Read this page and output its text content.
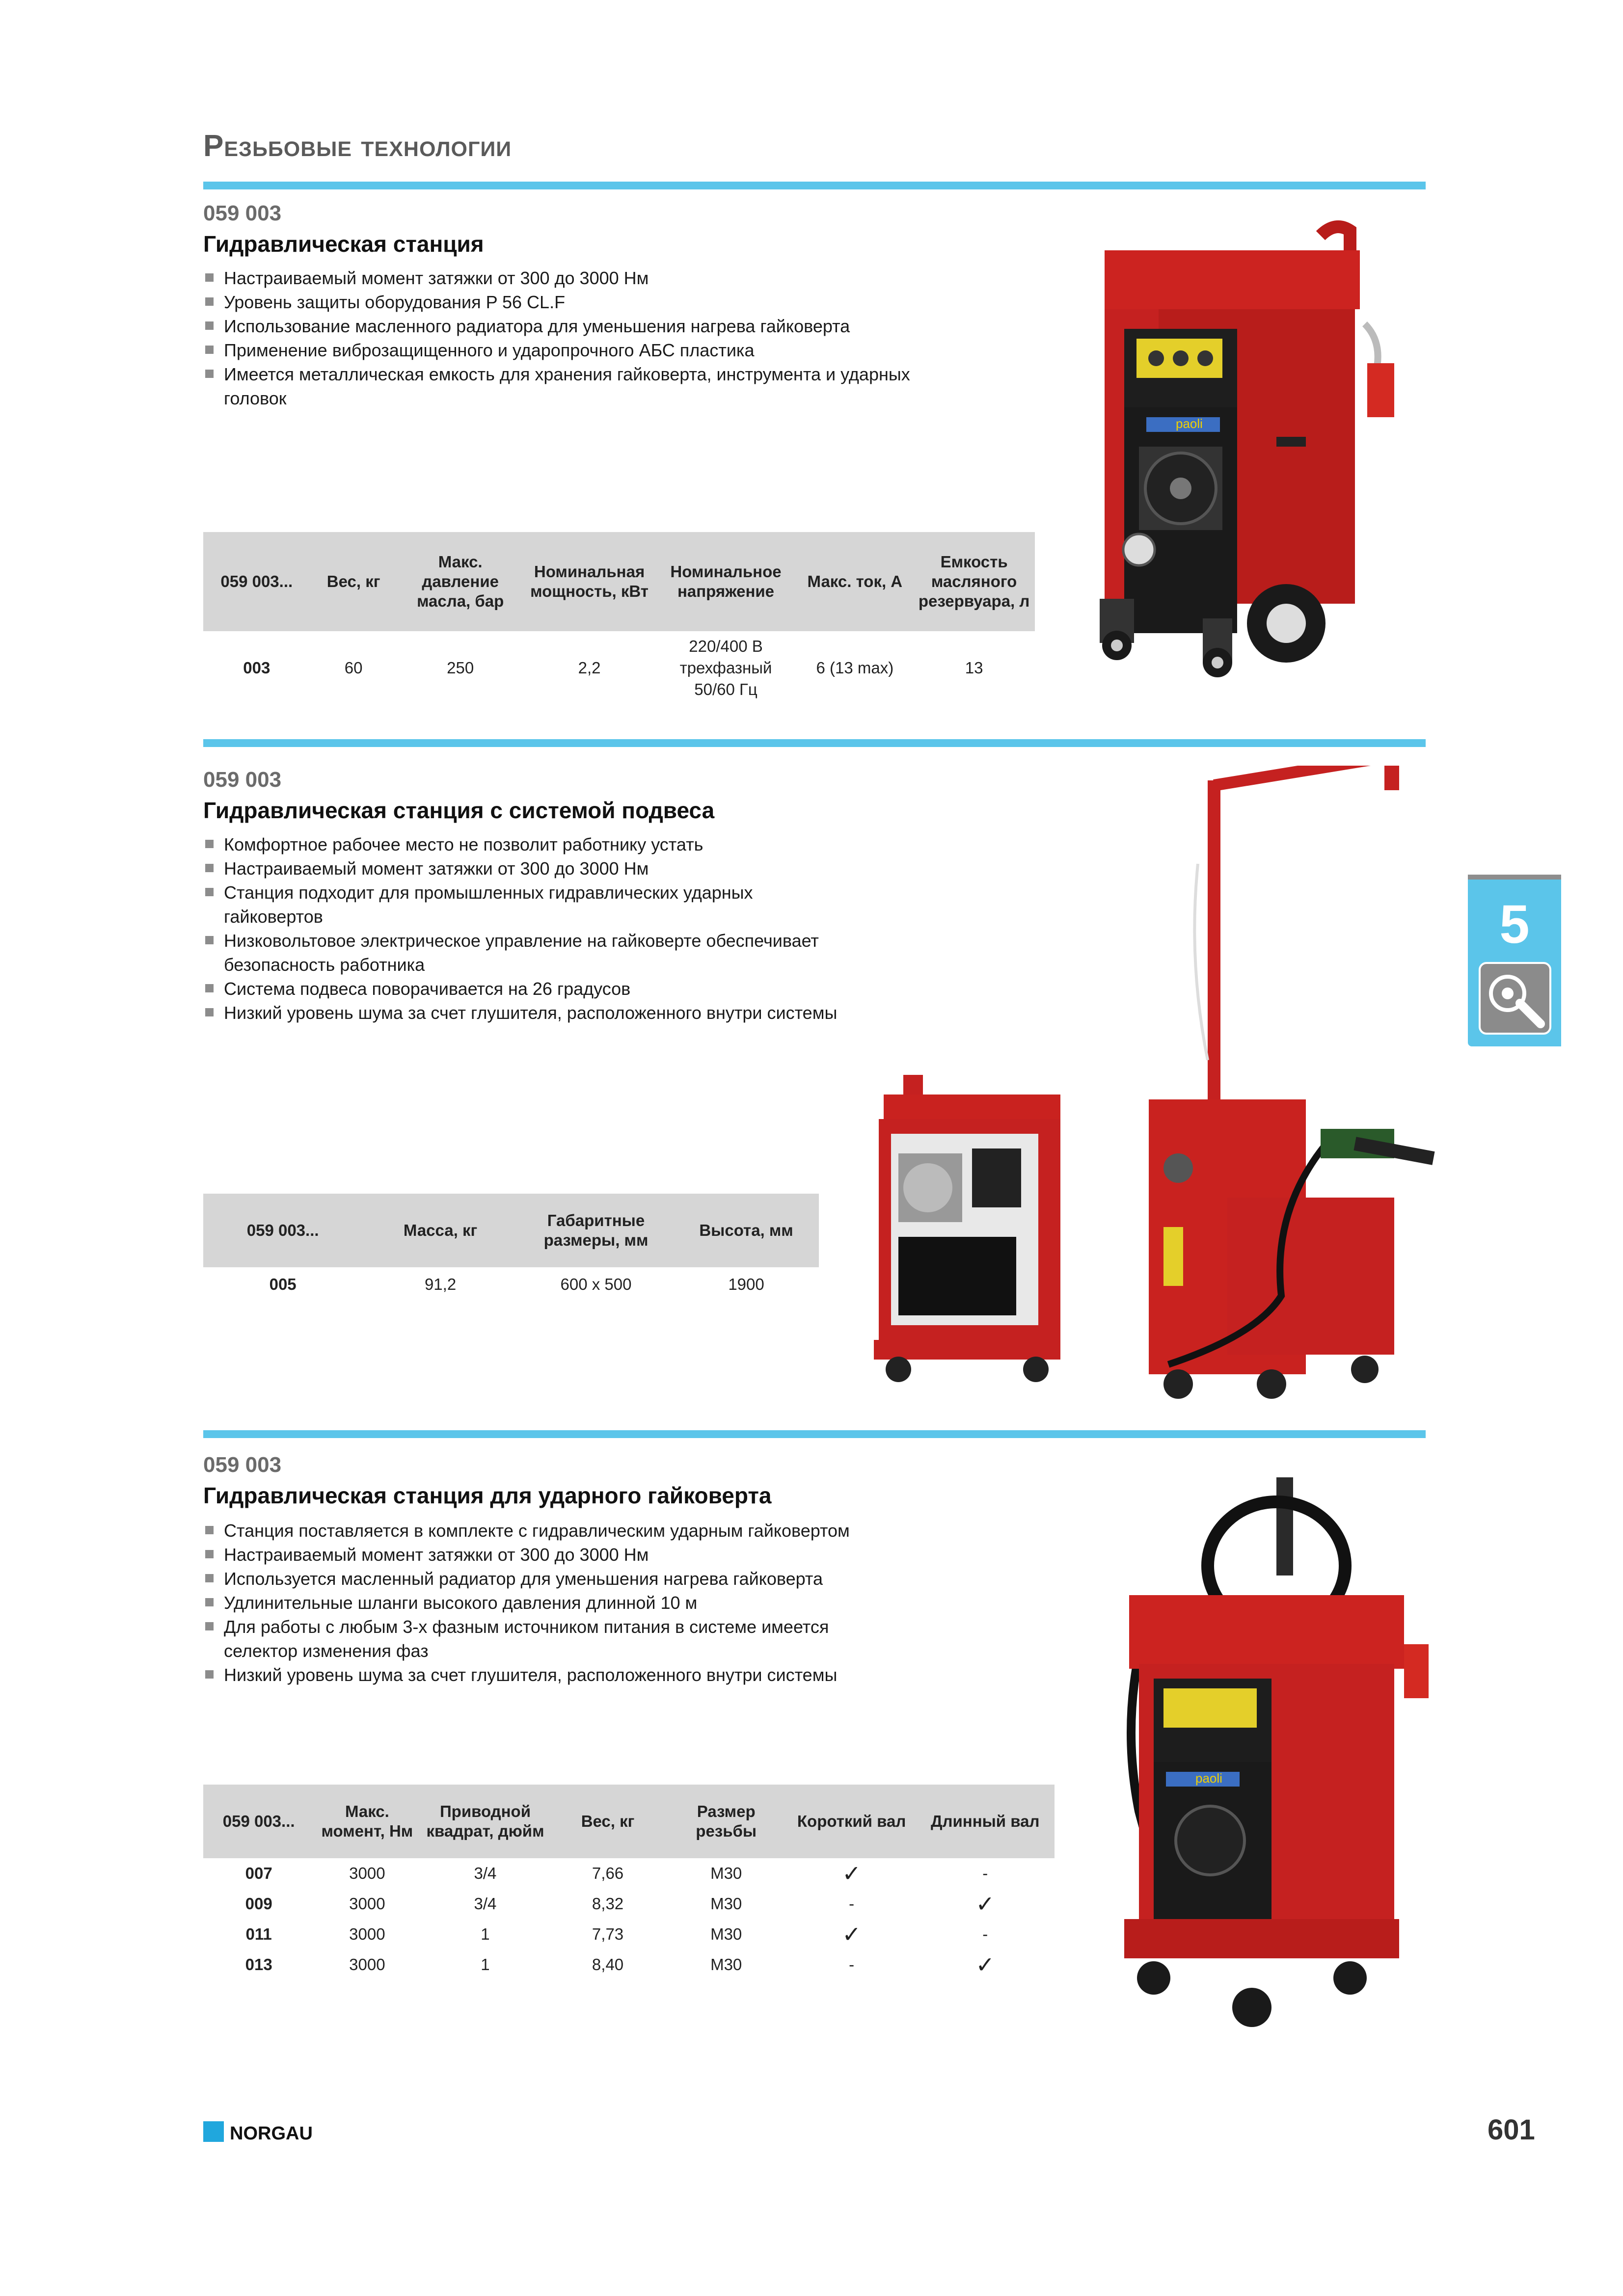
Резьбовые технологии
059 003
Гидравлическая станция
Настраиваемый момент затяжки от 300 до 3000 Нм
Уровень защиты оборудования P 56 CL.F
Использование масленного радиатора для уменьшения нагрева гайковерта
Применение виброзащищенного и ударопрочного АБС пластика
Имеется металлическая емкость для хранения гайковерта, инструмента и ударных головок
059 003...	Вес, кг	Макс. давление масла, бар	Номинальная мощность, кВт	Номинальное напряжение	Макс. ток, А	Емкость масляного резервуара, л
003	60	250	2,2	220/400 В трехфазный 50/60 Гц	6 (13 max)	13
paoli
059 003
Гидравлическая станция с системой подвеса
Комфортное рабочее место не позволит работнику устать
Настраиваемый момент затяжки от 300 до 3000 Нм
Станция подходит для промышленных гидравлических ударных гайковертов
Низковольтовое электрическое управление на гайковерте обеспечивает безопасность работника
Система подвеса поворачивается на 26 градусов
Низкий уровень шума за счет глушителя, расположенного внутри системы
059 003...	Масса, кг	Габаритные размеры, мм	Высота, мм
005	91,2	600 х 500	1900
059 003
Гидравлическая станция для ударного гайковерта
Станция поставляется в комплекте с гидравлическим ударным гайковертом
Настраиваемый момент затяжки от 300 до 3000 Нм
Используется масленный радиатор для уменьшения нагрева гайковерта
Удлинительные шланги высокого давления длинной 10 м
Для работы с любым 3-х фазным источником питания в системе имеется селектор изменения фаз
Низкий уровень шума за счет глушителя, расположенного внутри системы
059 003...	Макс. момент, Нм	Приводной квадрат, дюйм	Вес, кг	Размер резьбы	Короткий вал	Длинный вал
007	3000	3/4	7,66	М30	✓	-
009	3000	3/4	8,32	М30	-	✓
011	3000	1	7,73	М30	✓	-
013	3000	1	8,40	М30	-	✓
paoli
5
NORGAU	601
